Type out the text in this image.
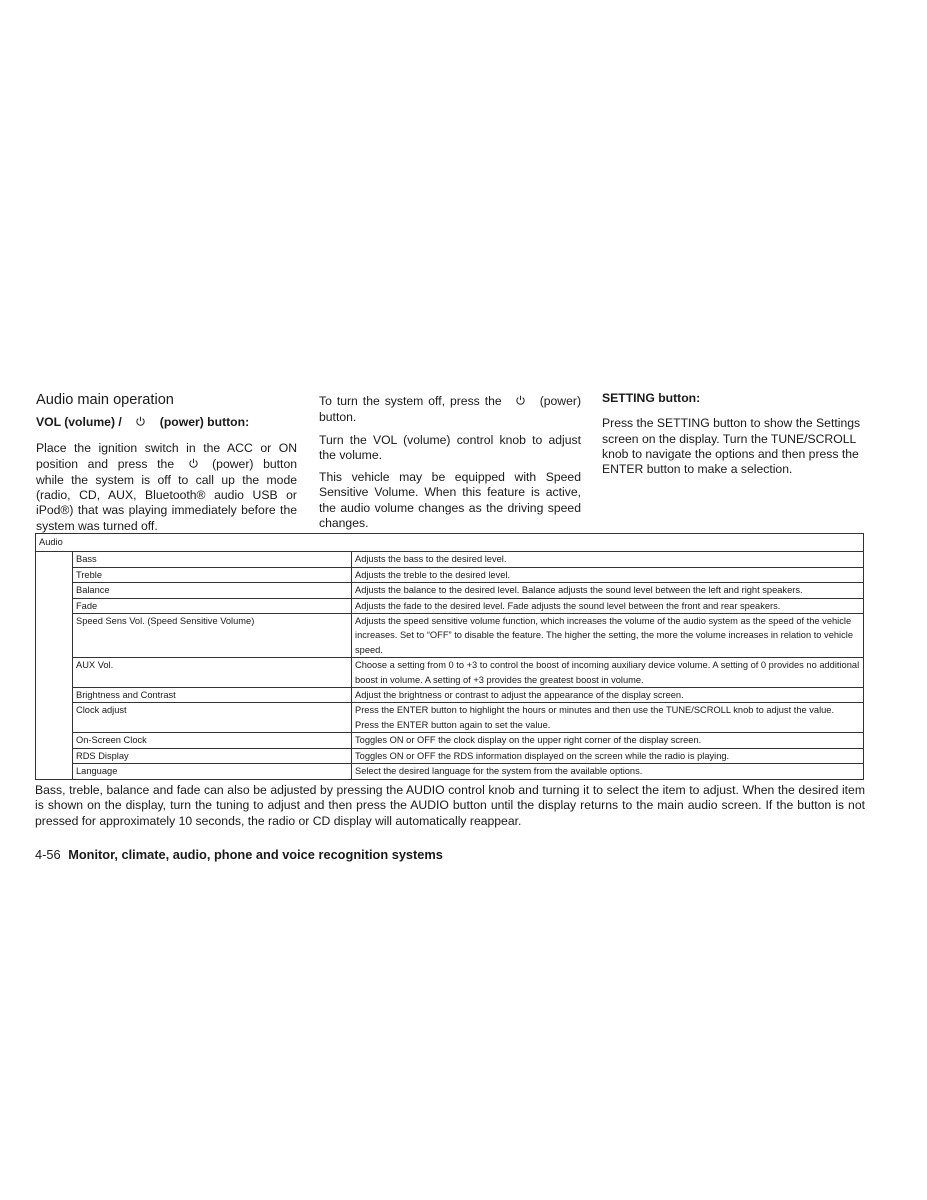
Audio main operation

VOL (volume) /	(power) button:

Place the ignition switch in the ACC or ON position and press the	(power) button while the system is off to call up the mode (radio, CD, AUX, Bluetooth® audio USB or iPod®) that was playing immediately before the system was turned off.

To turn the system off, press the	(power) button.

Turn the VOL (volume) control knob to adjust the volume.

This vehicle may be equipped with Speed Sensitive Volume. When this feature is active, the audio volume changes as the driving speed changes.

SETTING button:

Press the SETTING button to show the Settings screen on the display. Turn the TUNE/SCROLL knob to navigate the options and then press the ENTER button to make a selection.

Audio		
	Bass	Adjusts the bass to the desired level.
	Treble	Adjusts the treble to the desired level.
	Balance	Adjusts the balance to the desired level. Balance adjusts the sound level between the left and right speakers.
	Fade	Adjusts the fade to the desired level. Fade adjusts the sound level between the front and rear speakers.
	Speed Sens Vol. (Speed Sensitive Volume)	Adjusts the speed sensitive volume function, which increases the volume of the audio system as the speed of the vehicle increases. Set to “OFF” to disable the feature. The higher the setting, the more the volume increases in relation to vehicle speed.
	AUX Vol.	Choose a setting from 0 to +3 to control the boost of incoming auxiliary device volume. A setting of 0 provides no additional boost in volume. A setting of +3 provides the greatest boost in volume.
	Brightness and Contrast	Adjust the brightness or contrast to adjust the appearance of the display screen.
	Clock adjust	Press the ENTER button to highlight the hours or minutes and then use the TUNE/SCROLL knob to adjust the value. Press the ENTER button again to set the value.
	On-Screen Clock	Toggles ON or OFF the clock display on the upper right corner of the display screen.
	RDS Display	Toggles ON or OFF the RDS information displayed on the screen while the radio is playing.
	Language	Select the desired language for the system from the available options.

Bass, treble, balance and fade can also be adjusted by pressing the AUDIO control knob and turning it to select the item to adjust. When the desired item is shown on the display, turn the tuning to adjust and then press the AUDIO button until the display returns to the main audio screen. If the button is not pressed for approximately 10 seconds, the radio or CD display will automatically reappear.

4-56 Monitor, climate, audio, phone and voice recognition systems
